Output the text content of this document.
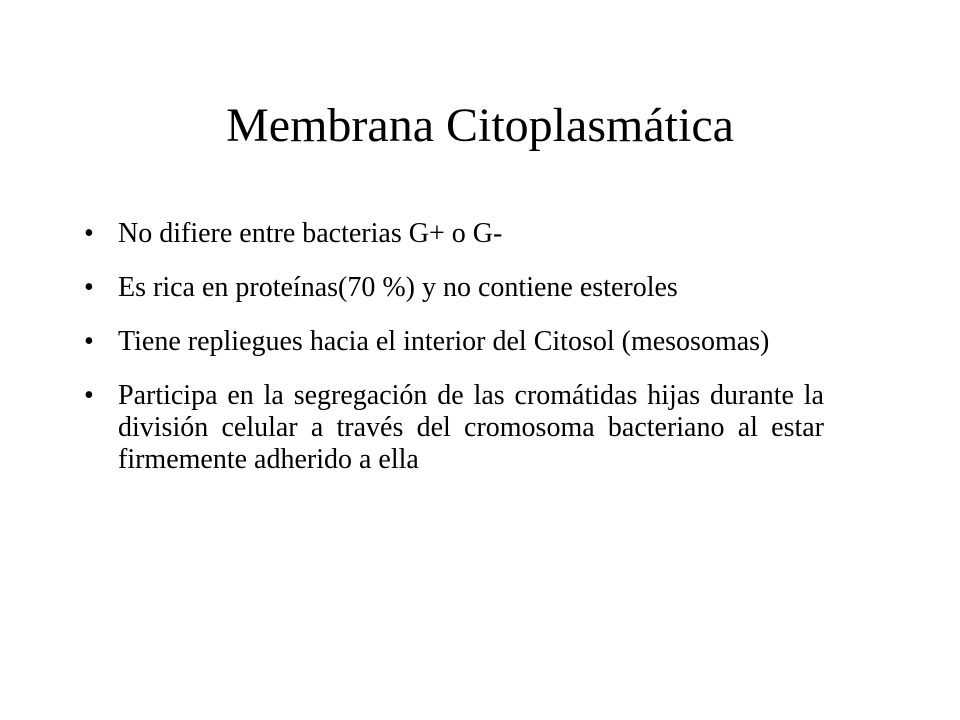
Membrana Citoplasmática
• No difiere entre bacterias G+ o G-
• Es rica en proteínas(70 %) y no contiene esteroles
• Tiene repliegues hacia el interior del Citosol (mesosomas)
• Participa en la segregación de las cromátidas hijas durante la división celular a través del cromosoma bacteriano al estar firmemente adherido a ella
